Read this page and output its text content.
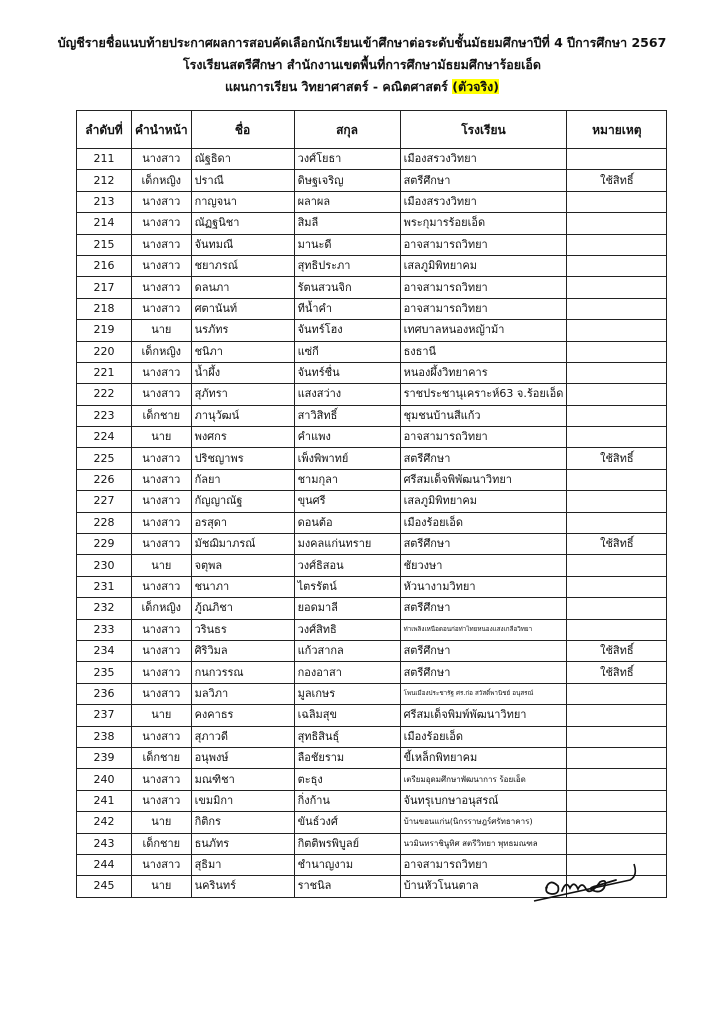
บัญชีรายชื่อแนบท้ายประกาศผลการสอบคัดเลือกนักเรียนเข้าศึกษาต่อระดับชั้นมัธยมศึกษาปีที่ 4 ปีการศึกษา 2567
โรงเรียนสตรีศึกษา สำนักงานเขตพื้นที่การศึกษามัธยมศึกษาร้อยเอ็ด
แผนการเรียน วิทยาศาสตร์ - คณิตศาสตร์ (ตัวจริง)
ลำดับที่	คำนำหน้า	ชื่อ	สกุล	โรงเรียน	หมายเหตุ
211	นางสาว	ณัฐธิดา	วงศ์โยธา	เมืองสรวงวิทยา	
212	เด็กหญิง	ปราณี	ดิษฐเจริญ	สตรีศึกษา	ใช้สิทธิ์
213	นางสาว	กาญจนา	ผลาผล	เมืองสรวงวิทยา	
214	นางสาว	ณัฏฐนิชา	สิมลี	พระกุมารร้อยเอ็ด	
215	นางสาว	จันทมณี	มานะดี	อาจสามารถวิทยา	
216	นางสาว	ชยาภรณ์	สุทธิประภา	เสลภูมิพิทยาคม	
217	นางสาว	ดลนภา	รัตนสวนจิก	อาจสามารถวิทยา	
218	นางสาว	ศตานันท์	ทีน้ำคำ	อาจสามารถวิทยา	
219	นาย	นรภัทร	จันทร์โฮง	เทศบาลหนองหญ้าม้า	
220	เด็กหญิง	ชนิภา	แซ่กี	ธงธานี	
221	นางสาว	น้ำผึ้ง	จันทร์ชื่น	หนองผึ้งวิทยาคาร	
222	นางสาว	สุภัทรา	แสงสว่าง	ราชประชานุเคราะห์63 จ.ร้อยเอ็ด	
223	เด็กชาย	ภานุวัฒน์	สาวิสิทธิ์	ชุมชนบ้านสีแก้ว	
224	นาย	พงศกร	คำแพง	อาจสามารถวิทยา	
225	นางสาว	ปริชญาพร	เพ็งพิพาทย์	สตรีศึกษา	ใช้สิทธิ์
226	นางสาว	กัลยา	ชามกุลา	ศรีสมเด็จพิพัฒนาวิทยา	
227	นางสาว	กัญญาณัฐ	ขุนศรี	เสลภูมิพิทยาคม	
228	นางสาว	อรสุดา	ดอนต้อ	เมืองร้อยเอ็ด	
229	นางสาว	มัชฌิมาภรณ์	มงคลแก่นทราย	สตรีศึกษา	ใช้สิทธิ์
230	นาย	จตุพล	วงศ์ธิสอน	ชัยวงษา	
231	นางสาว	ชนาภา	ไตรรัตน์	หัวนางามวิทยา	
232	เด็กหญิง	ภู้ณภิชา	ยอดมาลี	สตรีศึกษา	
233	นางสาว	วรินธร	วงศ์สิทธิ	ท่าเพลิงเหนือดอนก่อท่าไทยหนองแสงเกลือวิทยา	
234	นางสาว	ศิริวิมล	แก้วสากล	สตรีศึกษา	ใช้สิทธิ์
235	นางสาว	กนกวรรณ	กองอาสา	สตรีศึกษา	ใช้สิทธิ์
236	นางสาว	มลวิภา	มูลเกษร	โพนเมืองประชารัฐ ศร.ก่อ สวัสดิ์พานิชย์ อนุสรณ์	
237	นาย	คงคาธร	เฉลิมสุข	ศรีสมเด็จพิมพ์พัฒนาวิทยา	
238	นางสาว	สุภาวดี	สุทธิสินธุ์	เมืองร้อยเอ็ด	
239	เด็กชาย	อนุพงษ์	ลือชัยราม	ขี้เหล็กพิทยาคม	
240	นางสาว	มณฑิชา	ตะธุง	เตรียมอุดมศึกษาพัฒนาการ ร้อยเอ็ด	
241	นางสาว	เขมมิกา	กิ่งก้าน	จันทรุเบกษาอนุสรณ์	
242	นาย	กิติกร	ขันธ์วงศ์	บ้านขอนแก่น(นิกรราษฎร์ศรัทธาคาร)	
243	เด็กชาย	ธนภัทร	กิตติพรพิบูลย์	นวมินทราชินูทิศ สตรีวิทยา พุทธมณฑล	
244	นางสาว	สุธิมา	ชำนาญงาม	อาจสามารถวิทยา	
245	นาย	นครินทร์	ราชนิล	บ้านหัวโนนตาล	
